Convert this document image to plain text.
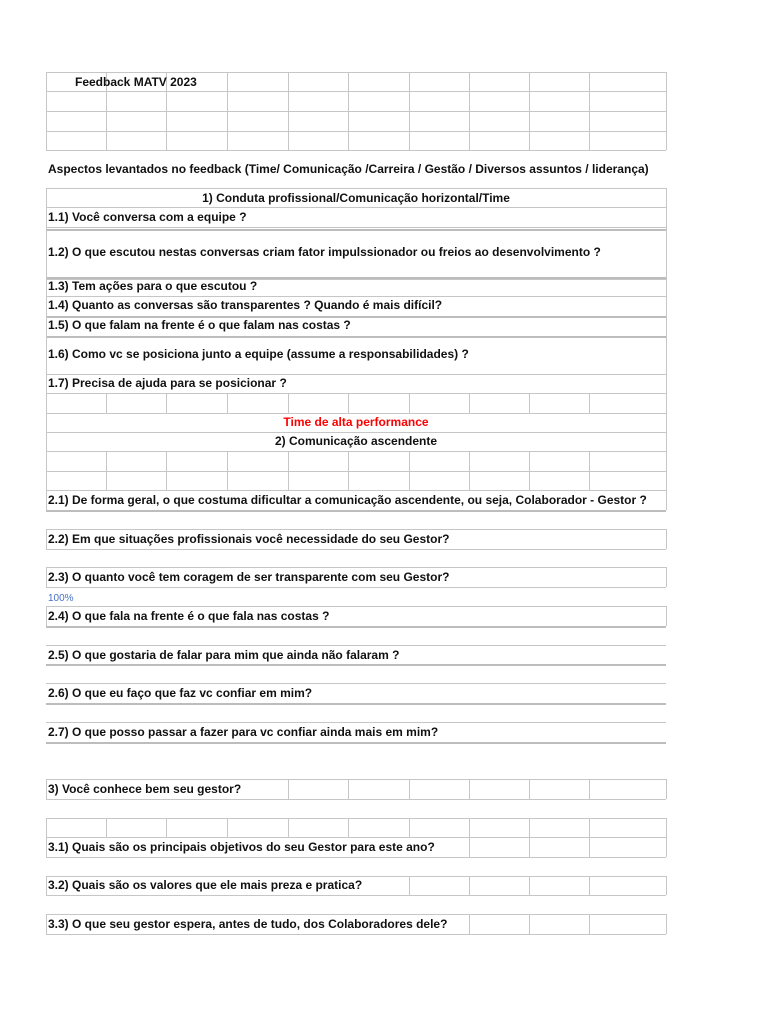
Feedback MATV 2023
Aspectos levantados no feedback (Time/ Comunicação /Carreira / Gestão / Diversos assuntos / liderança)
1) Conduta profissional/Comunicação horizontal/Time
1.1) Você conversa com a equipe ?
1.2) O que escutou nestas conversas criam fator impulssionador ou freios ao desenvolvimento ?
1.3) Tem ações para o que escutou ?
1.4) Quanto as conversas são transparentes ? Quando é mais difícil?
1.5) O que falam na frente é o que falam nas costas ?
1.6) Como vc se posiciona junto a equipe (assume a responsabilidades) ?
1.7) Precisa de ajuda para se posicionar ?
Time de alta performance
2) Comunicação ascendente
2.1) De forma geral, o que costuma dificultar a comunicação ascendente, ou seja, Colaborador - Gestor ?
2.2) Em que situações profissionais você necessidade do seu Gestor?
2.3) O quanto você tem coragem de ser transparente com seu Gestor?
100%
2.4) O que fala na frente é o que fala nas costas ?
2.5) O que gostaria de falar para mim que ainda não falaram ?
2.6) O que eu faço que faz vc confiar em mim?
2.7) O que posso passar a fazer para vc confiar ainda mais em mim?
3) Você conhece bem seu gestor?
3.1) Quais são os principais objetivos do seu Gestor para este ano?
3.2) Quais são os valores que ele mais preza e pratica?
3.3) O que seu gestor espera, antes de tudo, dos Colaboradores dele?
